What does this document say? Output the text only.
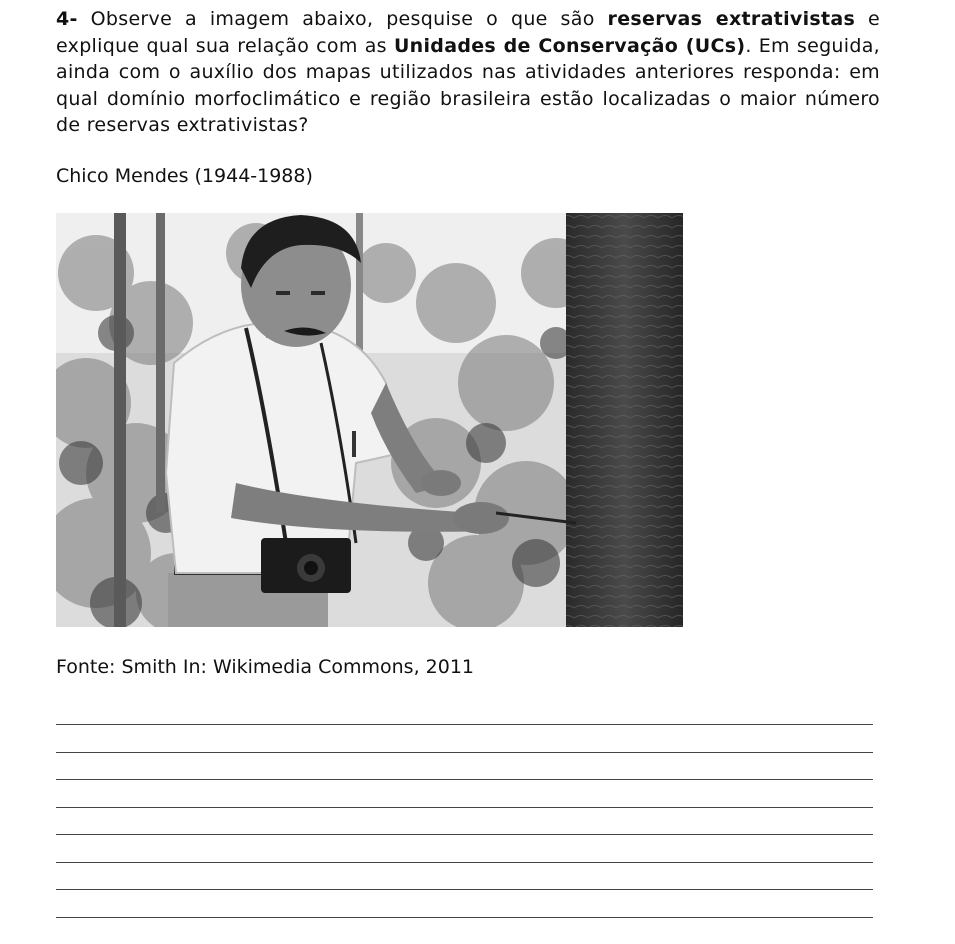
4- Observe a imagem abaixo, pesquise o que são reservas extrativistas e explique qual sua relação com as Unidades de Conservação (UCs). Em seguida, ainda com o auxílio dos mapas utilizados nas atividades anteriores responda: em qual domínio morfoclimático e região brasileira estão localizadas o maior número de reservas extrativistas?

Chico Mendes (1944-1988)

Fonte: Smith In: Wikimedia Commons, 2011
